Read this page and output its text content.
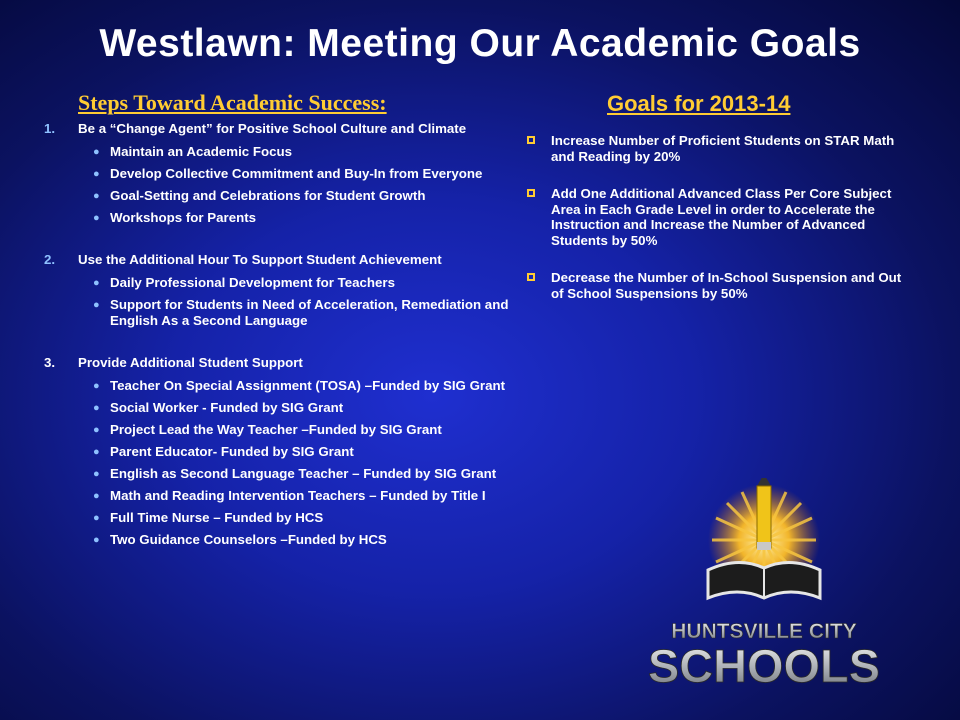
Westlawn: Meeting Our Academic Goals
Steps Toward Academic Success:	Goals for 2013-14
1. Be a “Change Agent” for Positive School Culture and Climate
● Maintain an Academic Focus
● Develop Collective Commitment and Buy-In from Everyone
● Goal-Setting and Celebrations for Student Growth
● Workshops for Parents
2. Use the Additional Hour To Support Student Achievement
● Daily Professional Development for Teachers
● Support for Students in Need of Acceleration, Remediation and English As a Second Language
3. Provide Additional Student Support
● Teacher On Special Assignment (TOSA) –Funded by SIG Grant
● Social Worker - Funded by SIG Grant
● Project Lead the Way Teacher –Funded by SIG Grant
● Parent Educator- Funded by SIG Grant
● English as Second Language Teacher – Funded by SIG Grant
● Math and Reading Intervention Teachers – Funded by Title I
● Full Time Nurse – Funded by HCS
● Two Guidance Counselors –Funded by HCS
Increase Number of Proficient Students on STAR Math and Reading by 20%
Add One Additional Advanced Class Per Core Subject Area in Each Grade Level in order to Accelerate the Instruction and Increase the Number of Advanced Students by 50%
Decrease the Number of In-School Suspension and Out of School Suspensions by 50%
HUNTSVILLE CITY
SCHOOLS
